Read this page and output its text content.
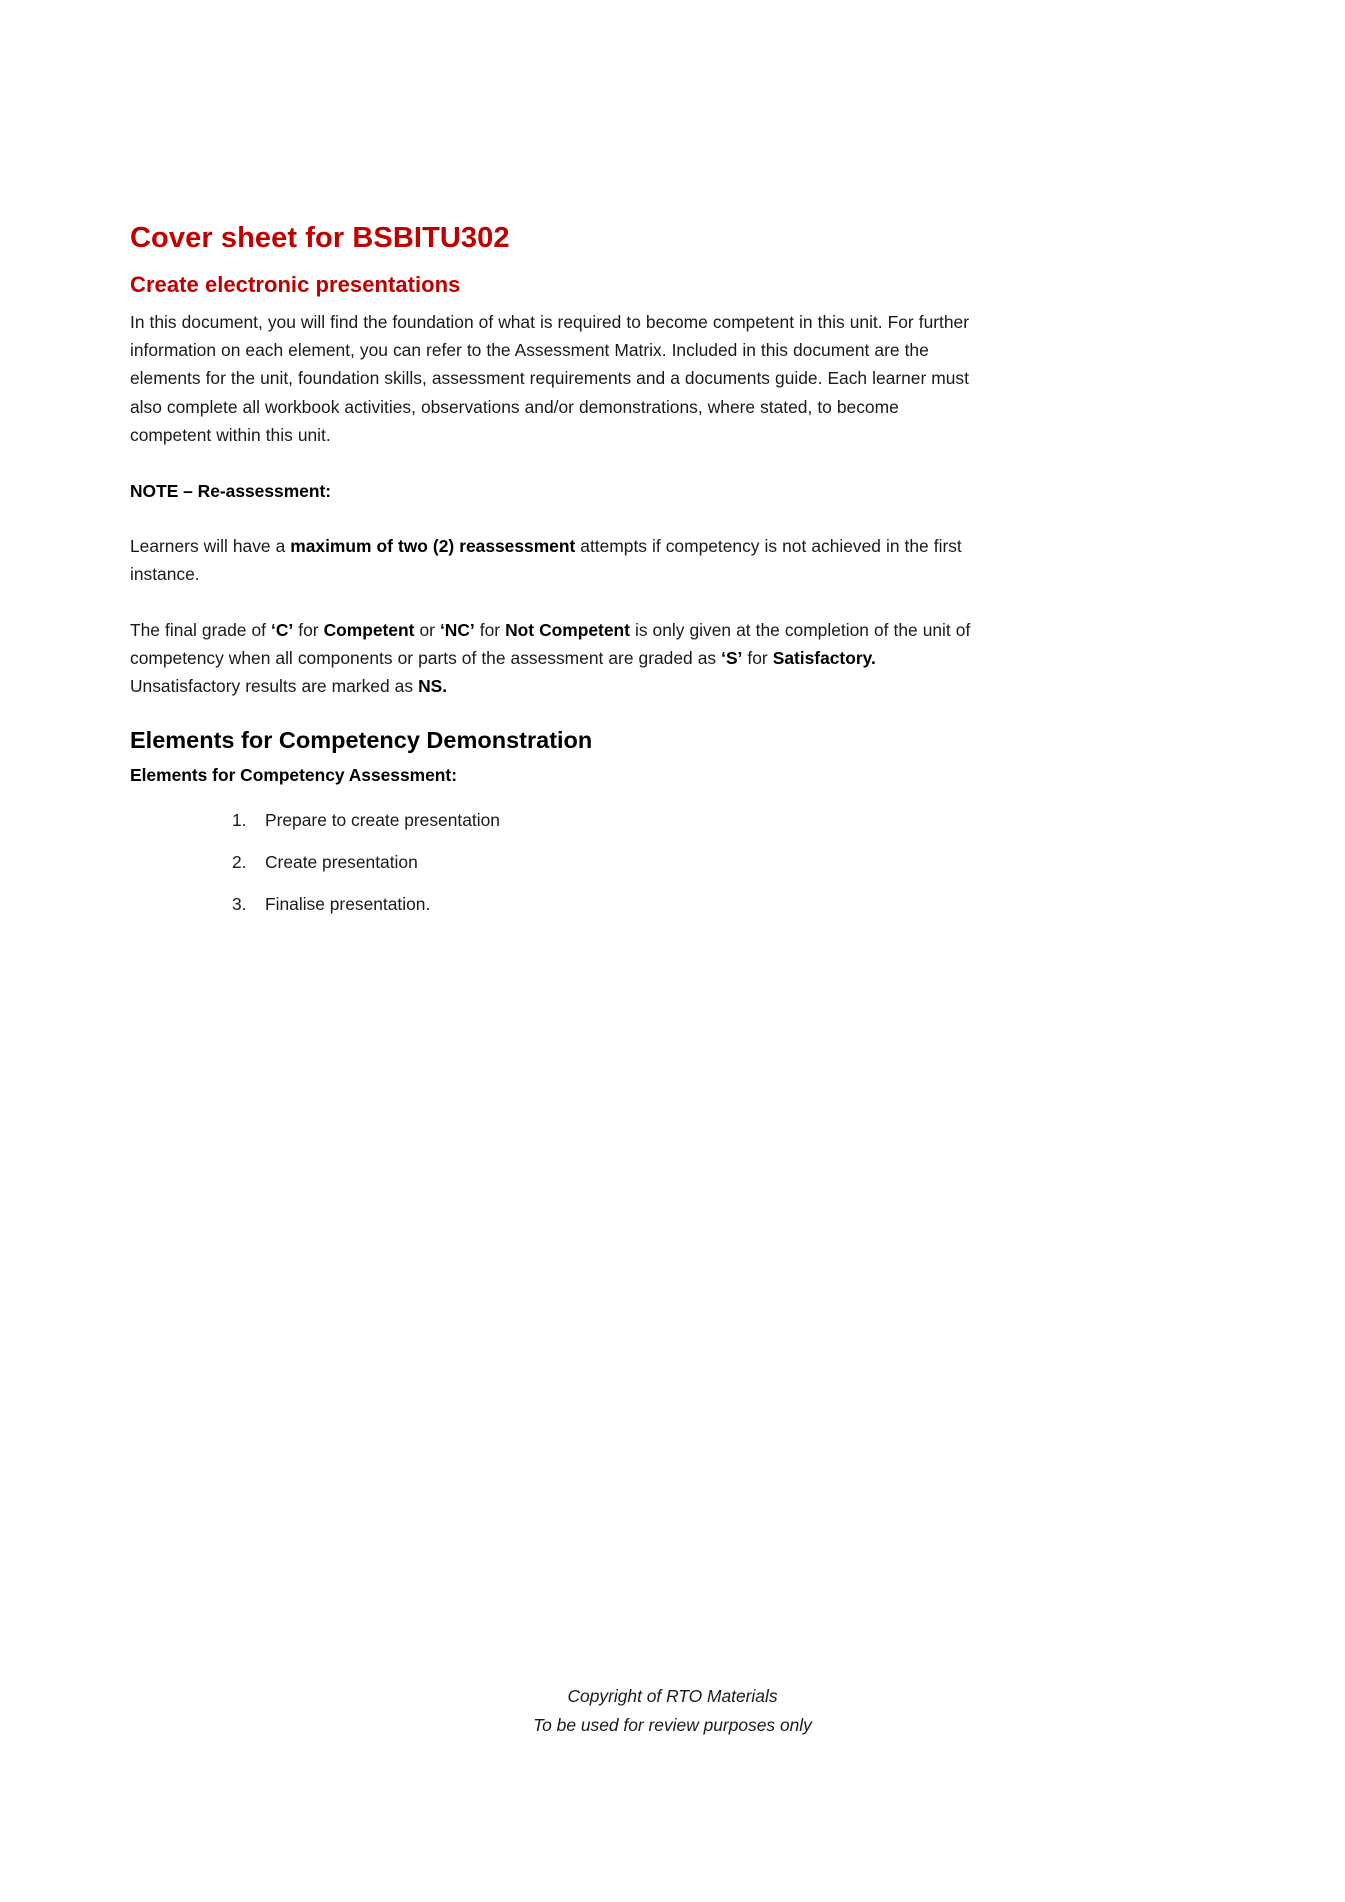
Cover sheet for BSBITU302
Create electronic presentations

In this document, you will find the foundation of what is required to become competent in this unit. For further information on each element, you can refer to the Assessment Matrix. Included in this document are the elements for the unit, foundation skills, assessment requirements and a documents guide. Each learner must also complete all workbook activities, observations and/or demonstrations, where stated, to become competent within this unit.

NOTE – Re-assessment:

Learners will have a maximum of two (2) reassessment attempts if competency is not achieved in the first instance.

The final grade of ‘C’ for Competent or ‘NC’ for Not Competent is only given at the completion of the unit of competency when all components or parts of the assessment are graded as ‘S’ for Satisfactory. Unsatisfactory results are marked as NS.

Elements for Competency Demonstration
Elements for Competency Assessment:
1.	Prepare to create presentation
2.	Create presentation
3.	Finalise presentation.
Copyright of RTO Materials
To be used for review purposes only
